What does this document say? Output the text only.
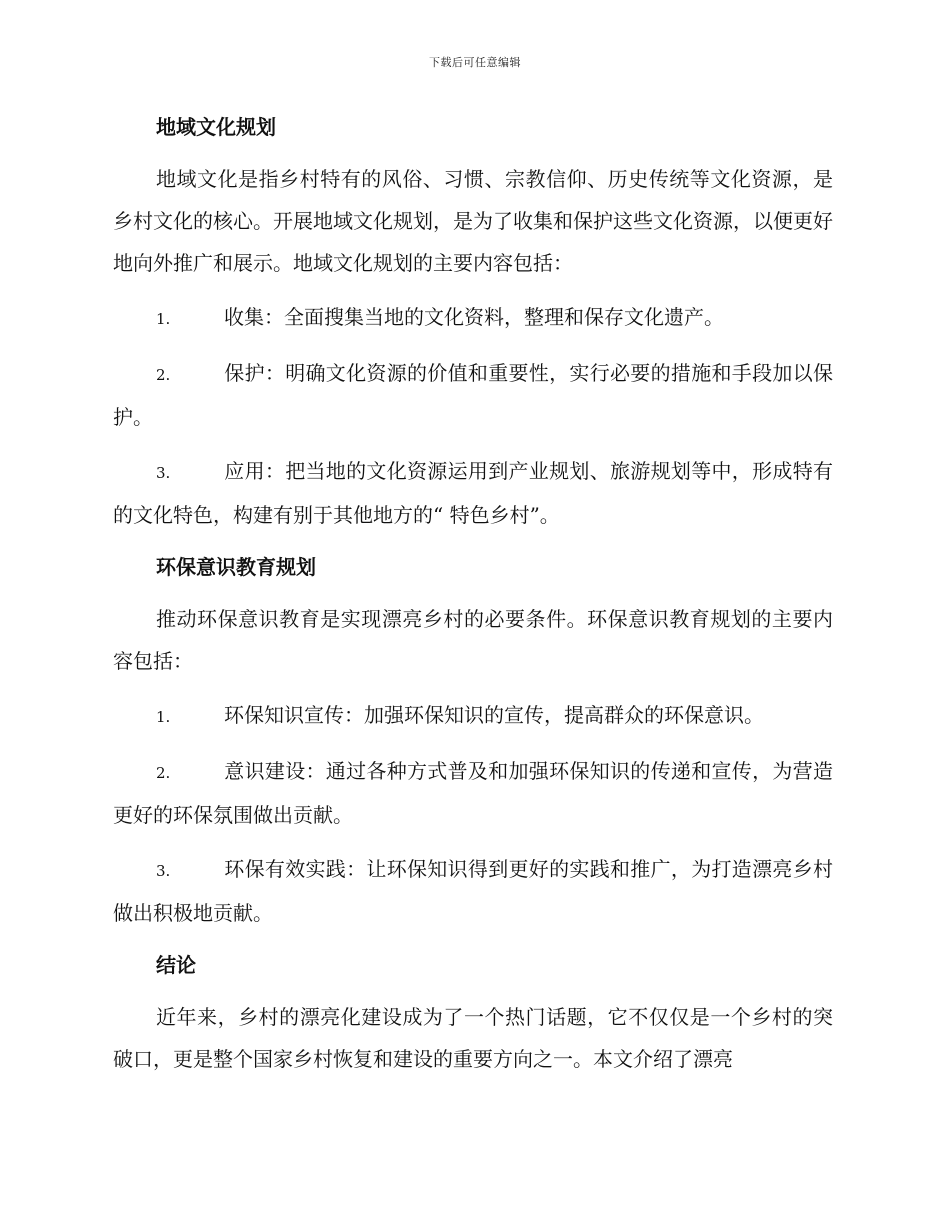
下载后可任意编辑
地域文化规划

地域文化是指乡村特有的风俗、习惯、宗教信仰、历史传统等文化资源，是乡村文化的核心。开展地域文化规划，是为了收集和保护这些文化资源，以便更好地向外推广和展示。地域文化规划的主要内容包括：

1.	收集：全面搜集当地的文化资料，整理和保存文化遗产。

2.	保护：明确文化资源的价值和重要性，实行必要的措施和手段加以保护。

3.	应用：把当地的文化资源运用到产业规划、旅游规划等中，形成特有的文化特色，构建有别于其他地方的“ 特色乡村”。

环保意识教育规划

推动环保意识教育是实现漂亮乡村的必要条件。环保意识教育规划的主要内容包括：

1.	环保知识宣传：加强环保知识的宣传，提高群众的环保意识。

2.	意识建设：通过各种方式普及和加强环保知识的传递和宣传，为营造更好的环保氛围做出贡献。

3.	环保有效实践：让环保知识得到更好的实践和推广，为打造漂亮乡村做出积极地贡献。

结论

近年来，乡村的漂亮化建设成为了一个热门话题，它不仅仅是一个乡村的突破口，更是整个国家乡村恢复和建设的重要方向之一。本文介绍了漂亮
